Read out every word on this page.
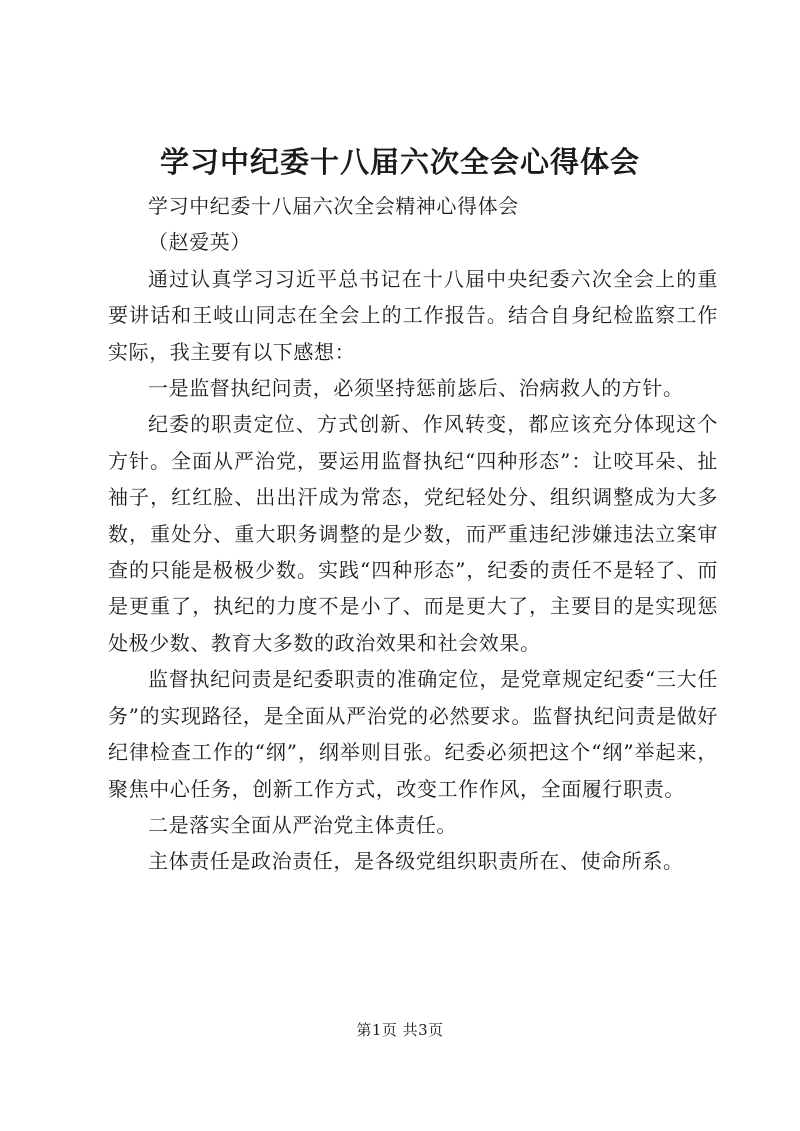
学习中纪委十八届六次全会心得体会

学习中纪委十八届六次全会精神心得体会

（赵爱英）

通过认真学习习近平总书记在十八届中央纪委六次全会上的重要讲话和王岐山同志在全会上的工作报告。结合自身纪检监察工作实际，我主要有以下感想：

一是监督执纪问责，必须坚持惩前毖后、治病救人的方针。

纪委的职责定位、方式创新、作风转变，都应该充分体现这个方针。全面从严治党，要运用监督执纪“四种形态”：让咬耳朵、扯袖子，红红脸、出出汗成为常态，党纪轻处分、组织调整成为大多数，重处分、重大职务调整的是少数，而严重违纪涉嫌违法立案审查的只能是极极少数。实践“四种形态”，纪委的责任不是轻了、而是更重了，执纪的力度不是小了、而是更大了，主要目的是实现惩处极少数、教育大多数的政治效果和社会效果。

监督执纪问责是纪委职责的准确定位，是党章规定纪委“三大任务”的实现路径，是全面从严治党的必然要求。监督执纪问责是做好纪律检查工作的“纲”，纲举则目张。纪委必须把这个“纲”举起来，聚焦中心任务，创新工作方式，改变工作作风，全面履行职责。

二是落实全面从严治党主体责任。

主体责任是政治责任，是各级党组织职责所在、使命所系。

第1页 共3页
